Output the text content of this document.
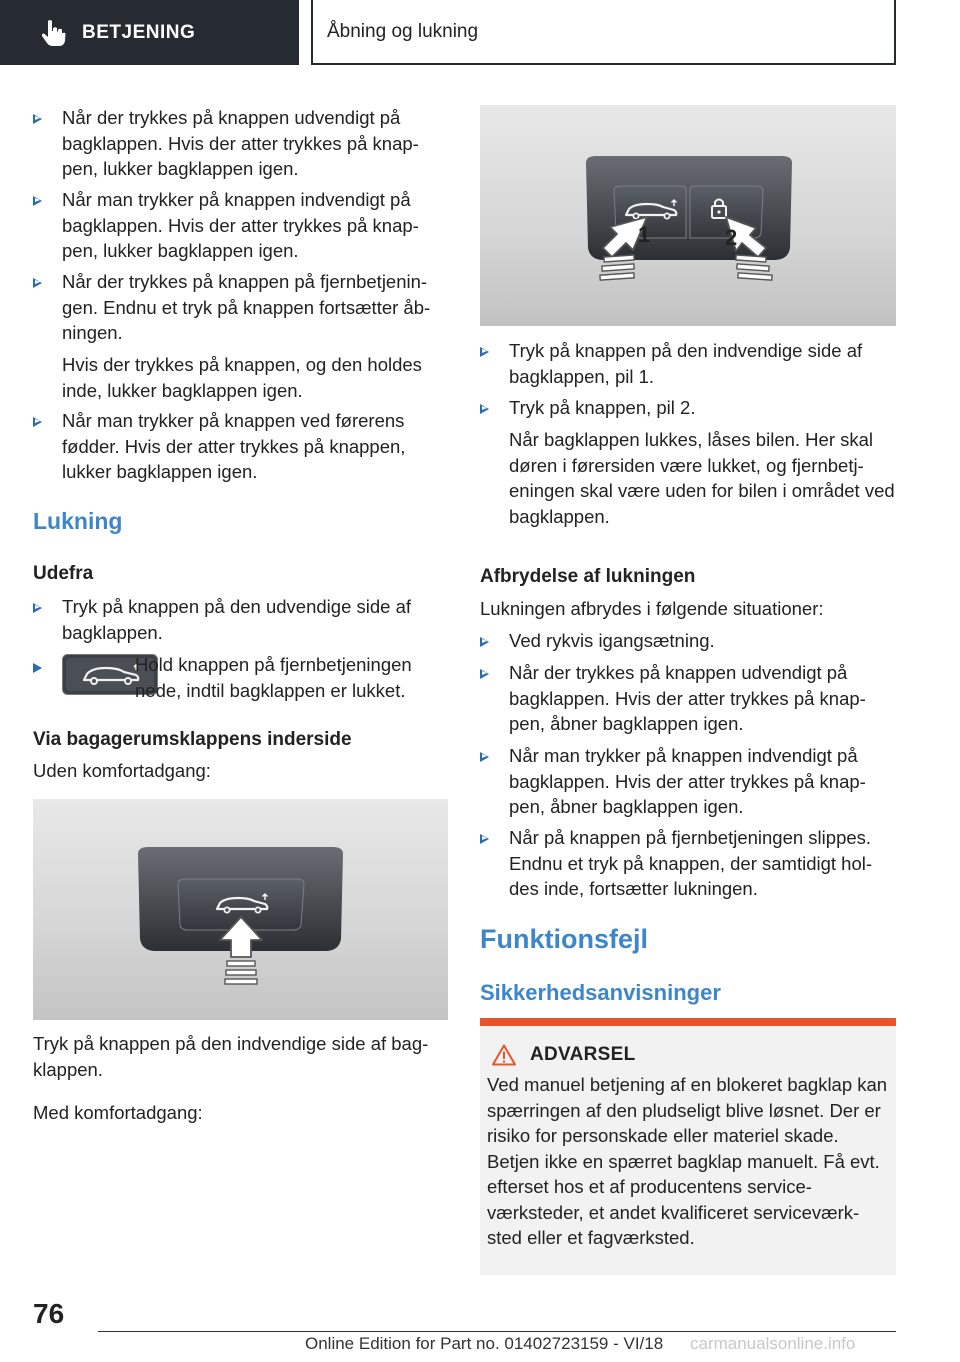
BETJENING	Åbning og lukning
Når der trykkes på knappen udvendigt på bagklappen. Hvis der atter trykkes på knap‐pen, lukker bagklappen igen.
Når man trykker på knappen indvendigt på bagklappen. Hvis der atter trykkes på knap‐pen, lukker bagklappen igen.
Når der trykkes på knappen på fjernbetjenin‐gen. Endnu et tryk på knappen fortsætter åb‐ningen.
Hvis der trykkes på knappen, og den holdes inde, lukker bagklappen igen.
Når man trykker på knappen ved førerens fødder. Hvis der atter trykkes på knappen, lukker bagklappen igen.
Lukning
Udefra
Tryk på knappen på den udvendige side af bagklappen.
Hold knappen på fjernbetjeningen nede, indtil bagklappen er lukket.
Via bagagerumsklappens inderside
Uden komfortadgang:
Tryk på knappen på den indvendige side af bag‐klappen.
Med komfortadgang:
1	2
Tryk på knappen på den indvendige side af bagklappen, pil 1.
Tryk på knappen, pil 2.
Når bagklappen lukkes, låses bilen. Her skal døren i førersiden være lukket, og fjernbetj‐eningen skal være uden for bilen i området ved bagklappen.
Afbrydelse af lukningen
Lukningen afbrydes i følgende situationer:
Ved rykvis igangsætning.
Når der trykkes på knappen udvendigt på bagklappen. Hvis der atter trykkes på knap‐pen, åbner bagklappen igen.
Når man trykker på knappen indvendigt på bagklappen. Hvis der atter trykkes på knap‐pen, åbner bagklappen igen.
Når på knappen på fjernbetjeningen slippes. Endnu et tryk på knappen, der samtidigt hol‐des inde, fortsætter lukningen.
Funktionsfejl
Sikkerhedsanvisninger
ADVARSEL
Ved manuel betjening af en blokeret bagklap kan spærringen af den pludseligt blive løsnet. Der er risiko for personskade eller materiel skade. Betjen ikke en spærret bagklap manuelt. Få evt. efterset hos et af producentens service‐værksteder, et andet kvalificeret serviceværk‐sted eller et fagværksted.
76
Online Edition for Part no. 01402723159 - VI/18 carmanualsonline.info
